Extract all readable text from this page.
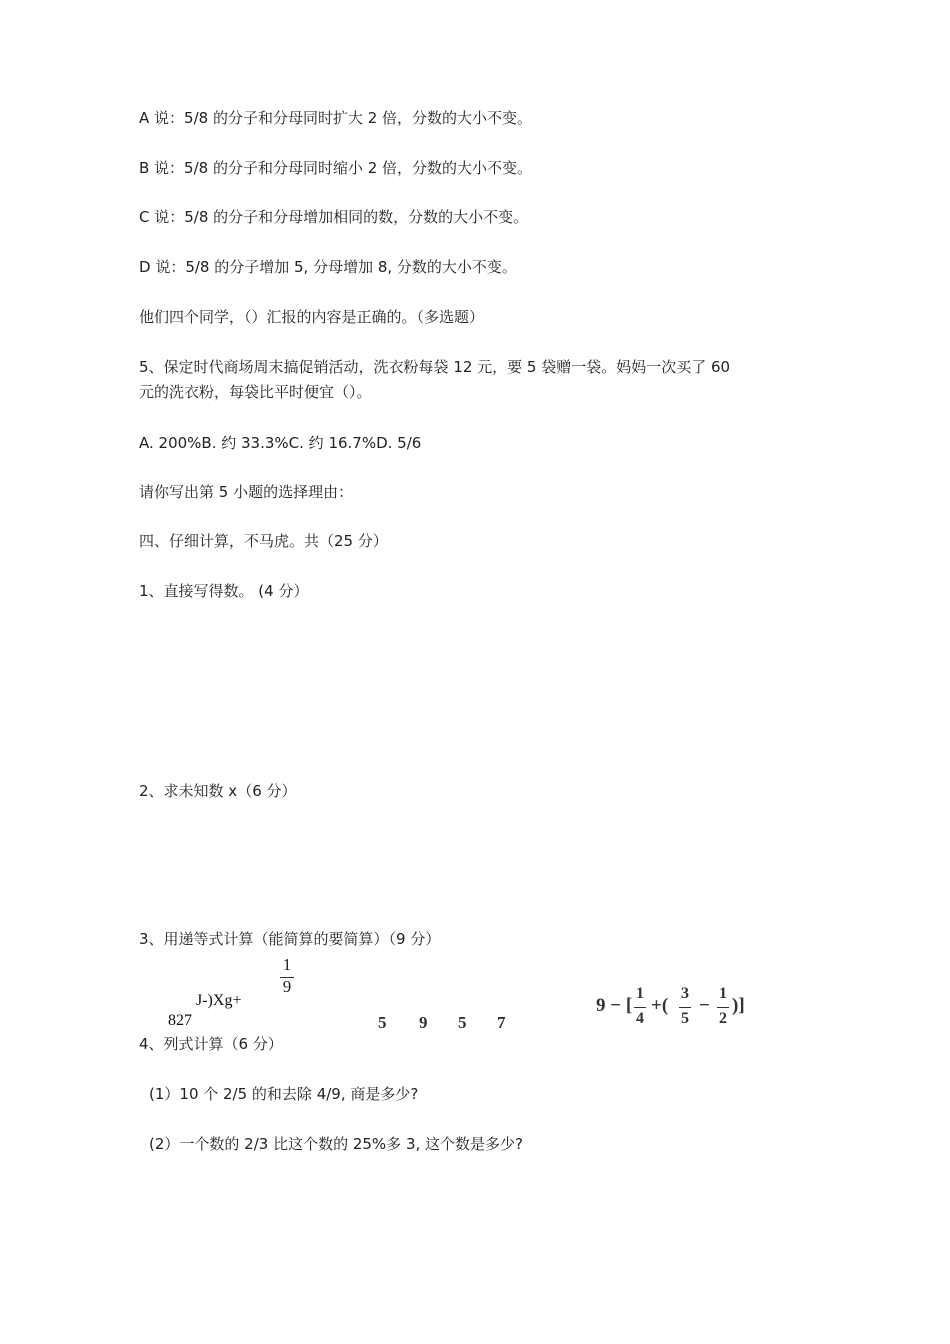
A 说：5/8 的分子和分母同时扩大 2 倍，分数的大小不变。
B 说：5/8 的分子和分母同时缩小 2 倍，分数的大小不变。
C 说：5/8 的分子和分母增加相同的数，分数的大小不变。
D 说：5/8 的分子增加 5, 分母增加 8, 分数的大小不变。
他们四个同学，（）汇报的内容是正确的。（多选题）
5、保定时代商场周末搞促销活动，洗衣粉每袋 12 元，要 5 袋赠一袋。妈妈一次买了 60
元的洗衣粉，每袋比平时便宜（）。
A. 200%B. 约 33.3%C. 约 16.7%D. 5/6
请你写出第 5 小题的选择理由：
四、仔细计算，不马虎。共（25 分）
1、直接写得数。 (4 分）
2、求未知数 x（6 分）
3、用递等式计算（能简算的要简算）（9 分）
1
9
J-)Xg+
827	5 9 5 7
9 − [
1
4
+(
3
5
−
1
2
)]
4、列式计算（6 分）
(1）10 个 2/5 的和去除 4/9, 商是多少?
(2）一个数的 2/3 比这个数的 25%多 3, 这个数是多少?
